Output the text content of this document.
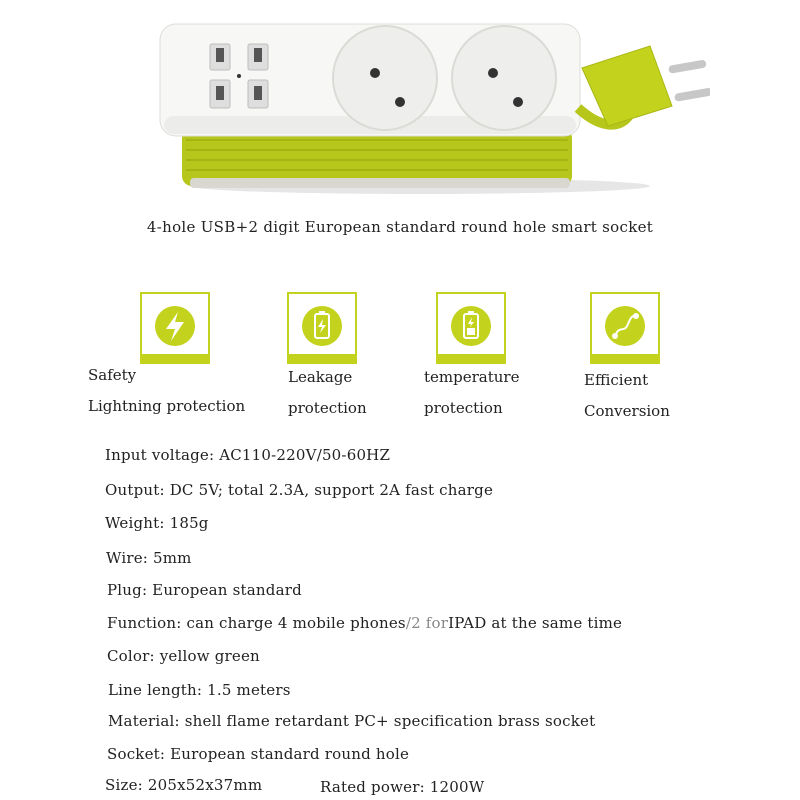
4-hole USB+2 digit European standard round hole smart socket
Safety
Lightning protection
Leakage
protection
temperature
protection
Efficient
Conversion
Input voltage: AC110-220V/50-60HZ
Output: DC 5V; total 2.3A, support 2A fast charge
Weight: 185g
Wire: 5mm
Plug: European standard
Function: can charge 4 mobile phones/2 forIPAD at the same time
Color: yellow green
Line length: 1.5 meters
Material: shell flame retardant PC+ specification brass socket
Socket: European standard round hole
Size: 205x52x37mm	Rated power: 1200W
